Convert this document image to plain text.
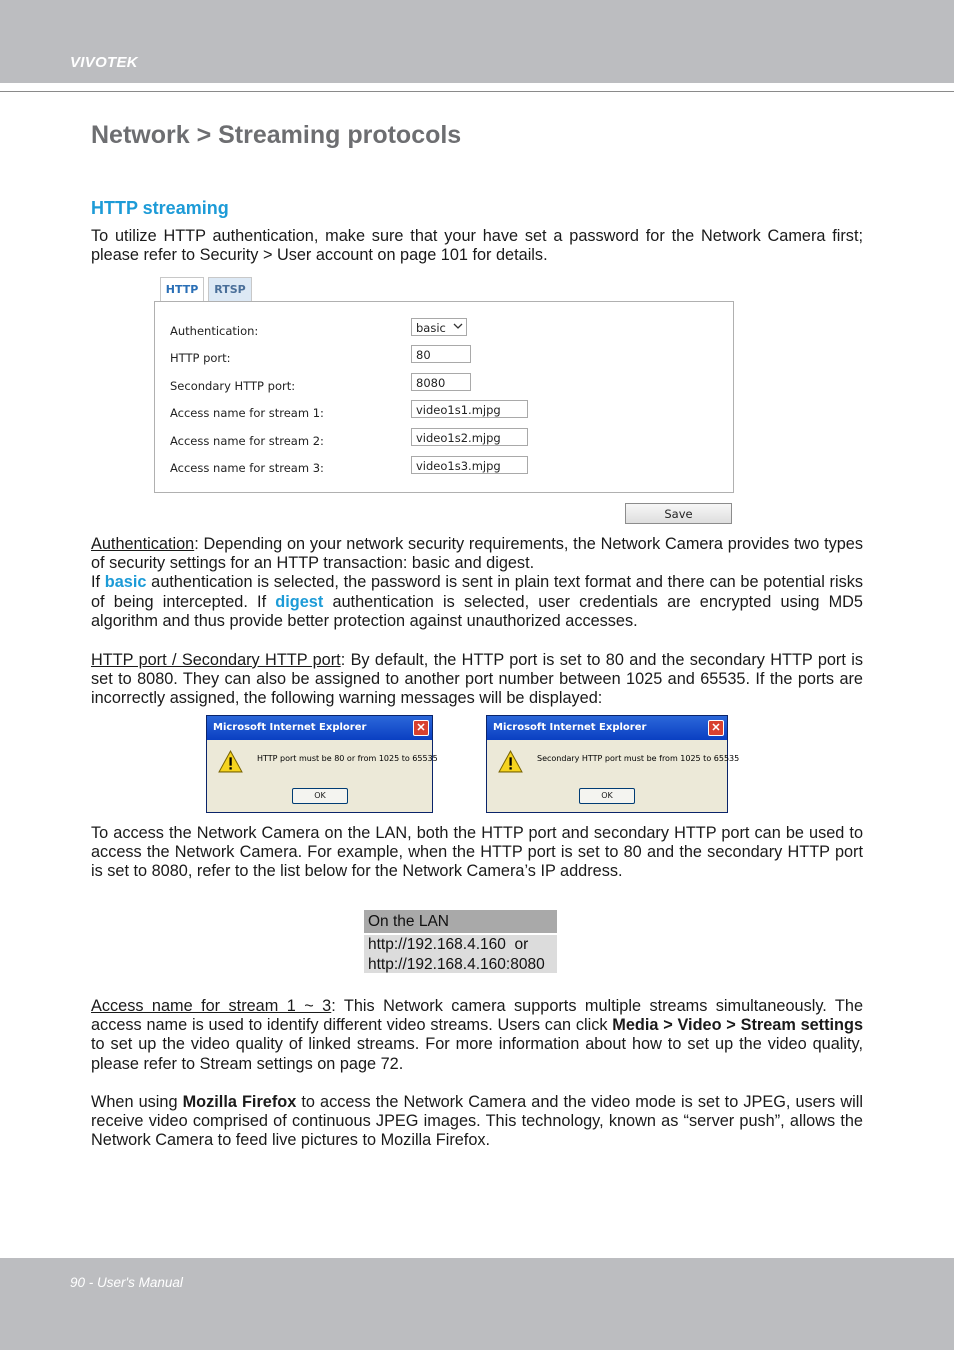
VIVOTEK
Network > Streaming protocols
HTTP streaming
To utilize HTTP authentication, make sure that your have set a password for the Network Camera first; please refer to Security > User account on page 101 for details.
HTTP	RTSP
Authentication:	basic
HTTP port:	80
Secondary HTTP port:	8080
Access name for stream 1:	video1s1.mjpg
Access name for stream 2:	video1s2.mjpg
Access name for stream 3:	video1s3.mjpg
Save
Authentication: Depending on your network security requirements, the Network Camera provides two types of security settings for an HTTP transaction: basic and digest.
If basic authentication is selected, the password is sent in plain text format and there can be potential risks of being intercepted. If digest authentication is selected, user credentials are encrypted using MD5 algorithm and thus provide better protection against unauthorized accesses.
HTTP port / Secondary HTTP port: By default, the HTTP port is set to 80 and the secondary HTTP port is set to 8080. They can also be assigned to another port number between 1025 and 65535. If the ports are incorrectly assigned, the following warning messages will be displayed:
Microsoft Internet Explorer	✕
HTTP port must be 80 or from 1025 to 65535
OK
Microsoft Internet Explorer	✕
Secondary HTTP port must be from 1025 to 65535
OK
To access the Network Camera on the LAN, both the HTTP port and secondary HTTP port can be used to access the Network Camera. For example, when the HTTP port is set to 80 and the secondary HTTP port is set to 8080, refer to the list below for the Network Camera’s IP address.
On the LAN
http://192.168.4.160  or
http://192.168.4.160:8080
Access name for stream 1 ~ 3: This Network camera supports multiple streams simultaneously. The access name is used to identify different video streams. Users can click Media > Video > Stream settings to set up the video quality of linked streams. For more information about how to set up the video quality, please refer to Stream settings on page 72.
When using Mozilla Firefox to access the Network Camera and the video mode is set to JPEG, users will receive video comprised of continuous JPEG images. This technology, known as “server push”, allows the Network Camera to feed live pictures to Mozilla Firefox.
90 - User's Manual
